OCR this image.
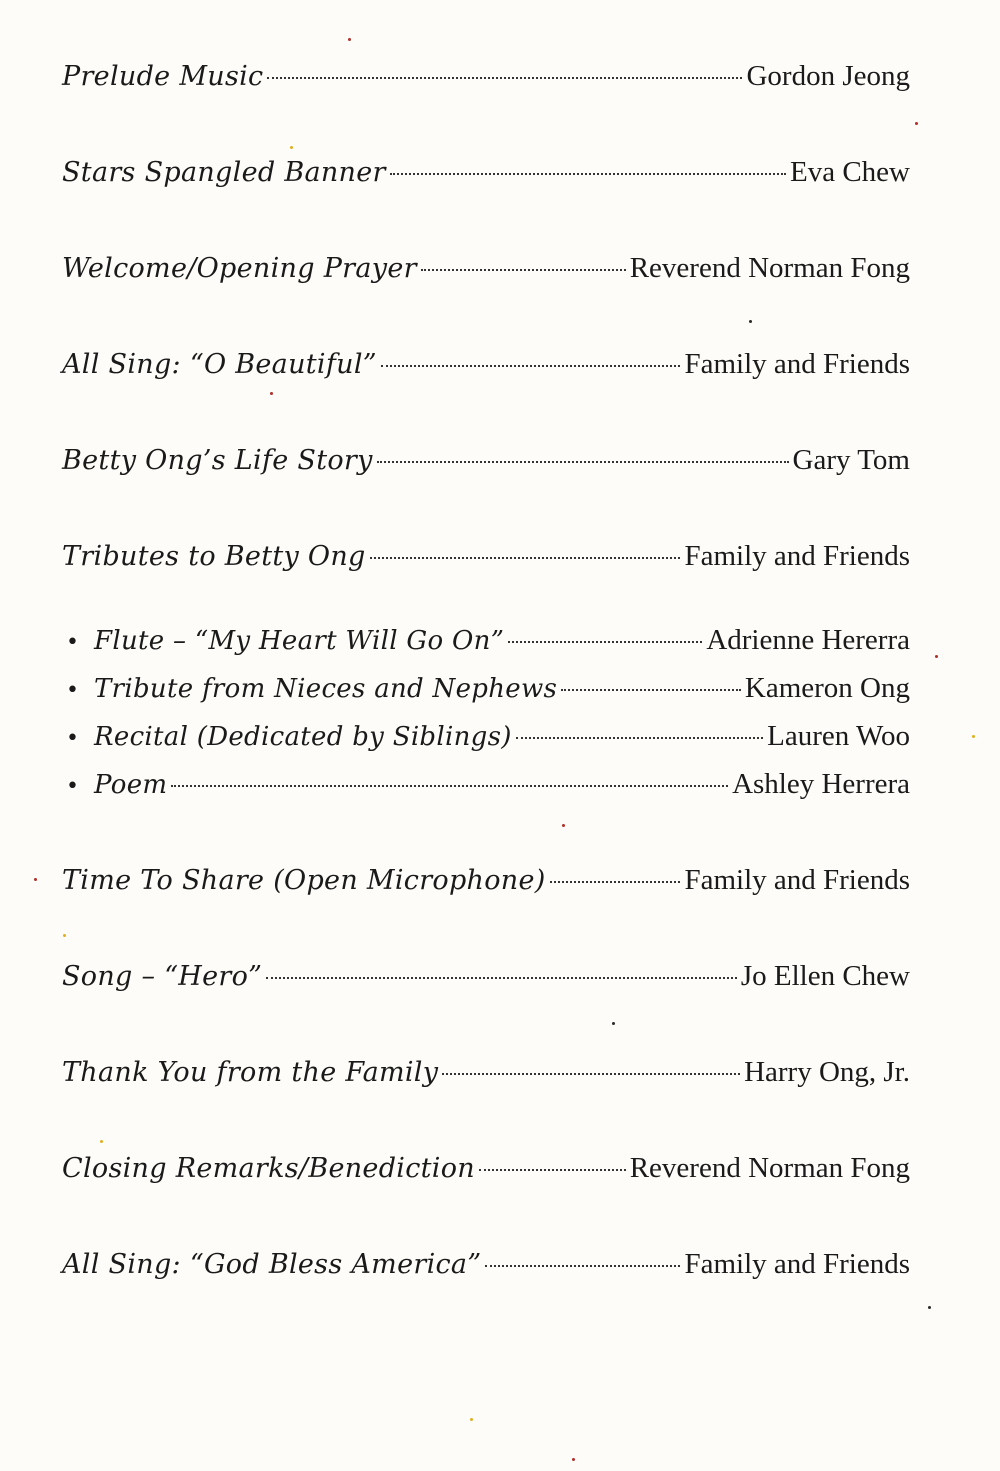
Prelude Music	Gordon Jeong
Stars Spangled Banner	Eva Chew
Welcome/Opening Prayer	Reverend Norman Fong
All Sing: “O Beautiful”	Family and Friends
Betty Ong’s Life Story	Gary Tom
Tributes to Betty Ong	Family and Friends
• Flute – “My Heart Will Go On”	Adrienne Hererra
• Tribute from Nieces and Nephews	Kameron Ong
• Recital (Dedicated by Siblings)	Lauren Woo
• Poem	Ashley Herrera
Time To Share (Open Microphone)	Family and Friends
Song – “Hero”	Jo Ellen Chew
Thank You from the Family	Harry Ong, Jr.
Closing Remarks/Benediction	Reverend Norman Fong
All Sing: “God Bless America”	Family and Friends
